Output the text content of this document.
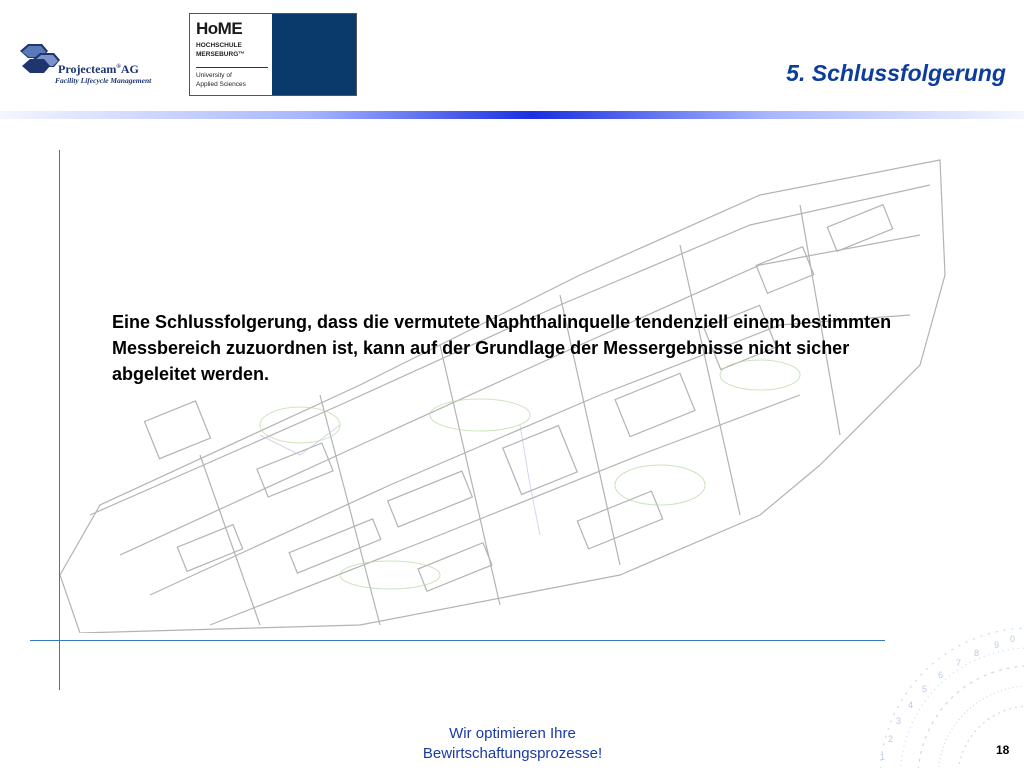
Projecteam®AG
Facility Lifecycle Management
HoME
HOCHSCHULE
MERSEBURG™
University of
Applied Sciences	5. Schlussfolgerung

Eine Schlussfolgerung, dass die vermutete Naphthalinquelle tendenziell einem bestimmten Messbereich zuzuordnen ist, kann auf der Grundlage der Messergebnisse nicht sicher abgeleitet werden.

1
2
3
4
5
6
7
8
9
0

Wir optimieren Ihre
Bewirtschaftungsprozesse!	18
